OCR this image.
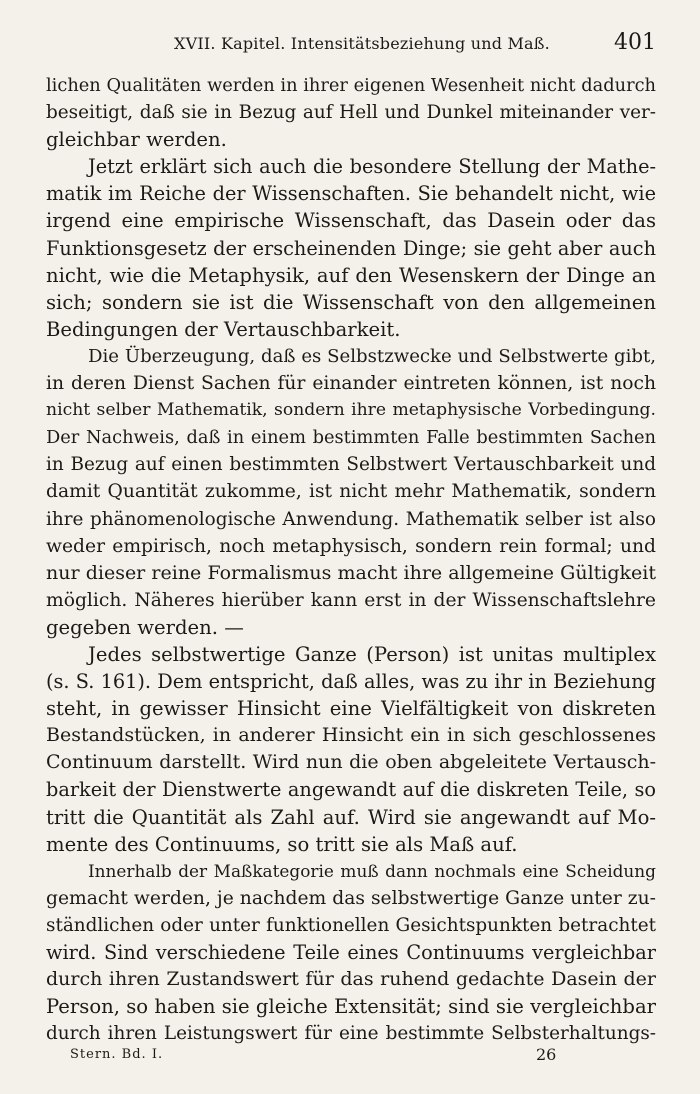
XVII. Kapitel. Intensitätsbeziehung und Maß.	401
lichen Qualitäten werden in ihrer eigenen Wesenheit nicht dadurch
beseitigt, daß sie in Bezug auf Hell und Dunkel miteinander ver-
gleichbar werden.
Jetzt erklärt sich auch die besondere Stellung der Mathe-
matik im Reiche der Wissenschaften. Sie behandelt nicht, wie
irgend eine empirische Wissenschaft, das Dasein oder das
Funktionsgesetz der erscheinenden Dinge; sie geht aber auch
nicht, wie die Metaphysik, auf den Wesenskern der Dinge an
sich; sondern sie ist die Wissenschaft von den allgemeinen
Bedingungen der Vertauschbarkeit.
Die Überzeugung, daß es Selbstzwecke und Selbstwerte gibt,
in deren Dienst Sachen für einander eintreten können, ist noch
nicht selber Mathematik, sondern ihre metaphysische Vorbedingung.
Der Nachweis, daß in einem bestimmten Falle bestimmten Sachen
in Bezug auf einen bestimmten Selbstwert Vertauschbarkeit und
damit Quantität zukomme, ist nicht mehr Mathematik, sondern
ihre phänomenologische Anwendung. Mathematik selber ist also
weder empirisch, noch metaphysisch, sondern rein formal; und
nur dieser reine Formalismus macht ihre allgemeine Gültigkeit
möglich. Näheres hierüber kann erst in der Wissenschaftslehre
gegeben werden. —
Jedes selbstwertige Ganze (Person) ist unitas multiplex
(s. S. 161). Dem entspricht, daß alles, was zu ihr in Beziehung
steht, in gewisser Hinsicht eine Vielfältigkeit von diskreten
Bestandstücken, in anderer Hinsicht ein in sich geschlossenes
Continuum darstellt. Wird nun die oben abgeleitete Vertausch-
barkeit der Dienstwerte angewandt auf die diskreten Teile, so
tritt die Quantität als Zahl auf. Wird sie angewandt auf Mo-
mente des Continuums, so tritt sie als Maß auf.
Innerhalb der Maßkategorie muß dann nochmals eine Scheidung
gemacht werden, je nachdem das selbstwertige Ganze unter zu-
ständlichen oder unter funktionellen Gesichtspunkten betrachtet
wird. Sind verschiedene Teile eines Continuums vergleichbar
durch ihren Zustandswert für das ruhend gedachte Dasein der
Person, so haben sie gleiche Extensität; sind sie vergleichbar
durch ihren Leistungswert für eine bestimmte Selbsterhaltungs-
Stern. Bd. I.	26
